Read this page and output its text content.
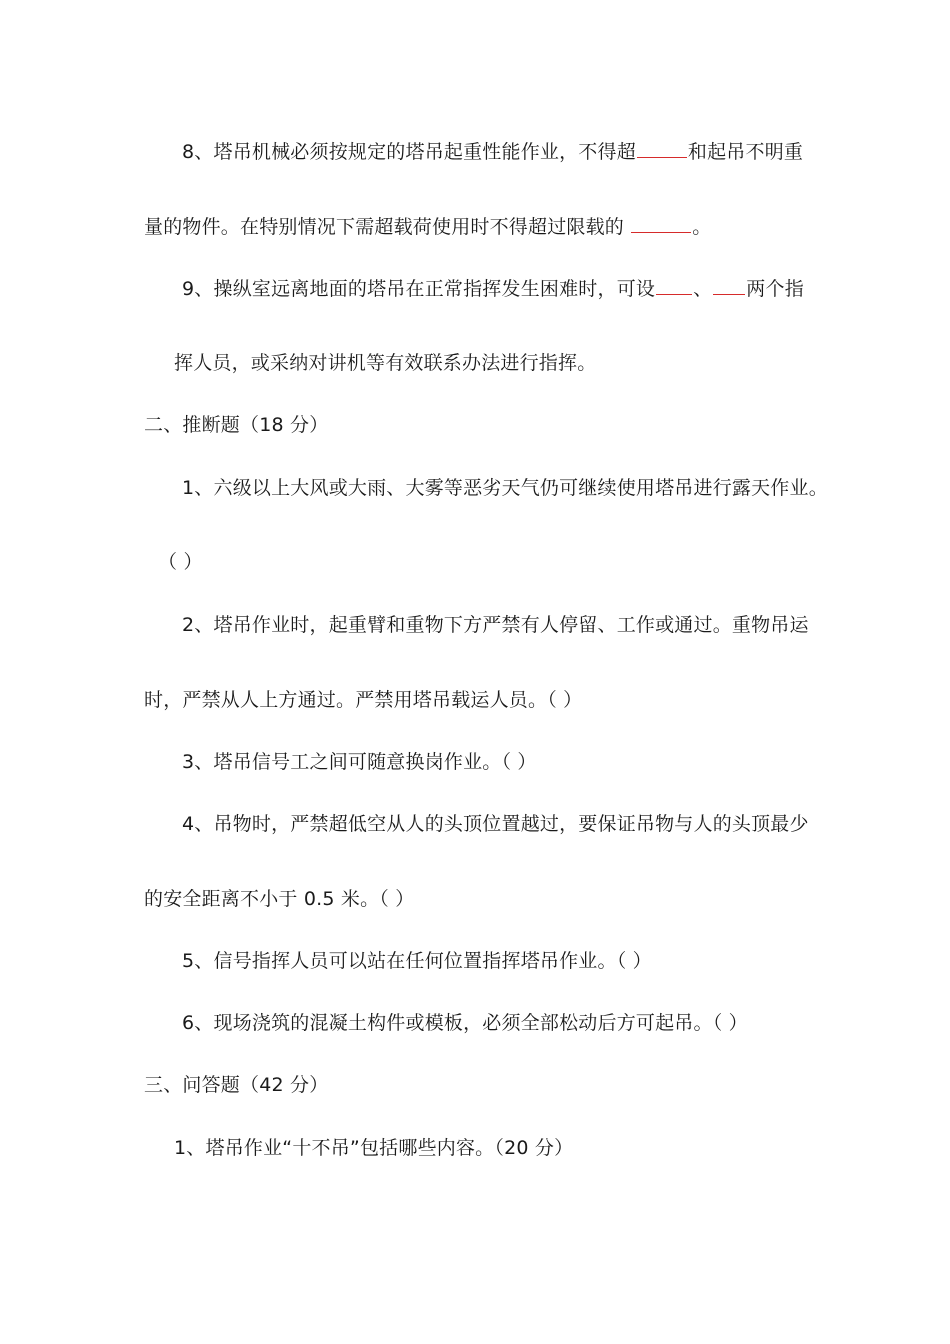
8、塔吊机械必须按规定的塔吊起重性能作业，不得超	和起吊不明重
量的物件。在特别情况下需超载荷使用时不得超过限载的	。
9、操纵室远离地面的塔吊在正常指挥发生困难时，可设 、 两个指
挥人员，或采纳对讲机等有效联系办法进行指挥。
二、推断题（18 分）
1、六级以上大风或大雨、大雾等恶劣天气仍可继续使用塔吊进行露天作业。
（ ）
2、塔吊作业时，起重臂和重物下方严禁有人停留、工作或通过。重物吊运
时，严禁从人上方通过。严禁用塔吊载运人员。（ ）
3、塔吊信号工之间可随意换岗作业。（ ）
4、吊物时，严禁超低空从人的头顶位置越过，要保证吊物与人的头顶最少
的安全距离不小于 0.5 米。（ ）
5、信号指挥人员可以站在任何位置指挥塔吊作业。（ ）
6、现场浇筑的混凝土构件或模板，必须全部松动后方可起吊。（ ）
三、问答题（42 分）
1、塔吊作业“十不吊”包括哪些内容。（20 分）
